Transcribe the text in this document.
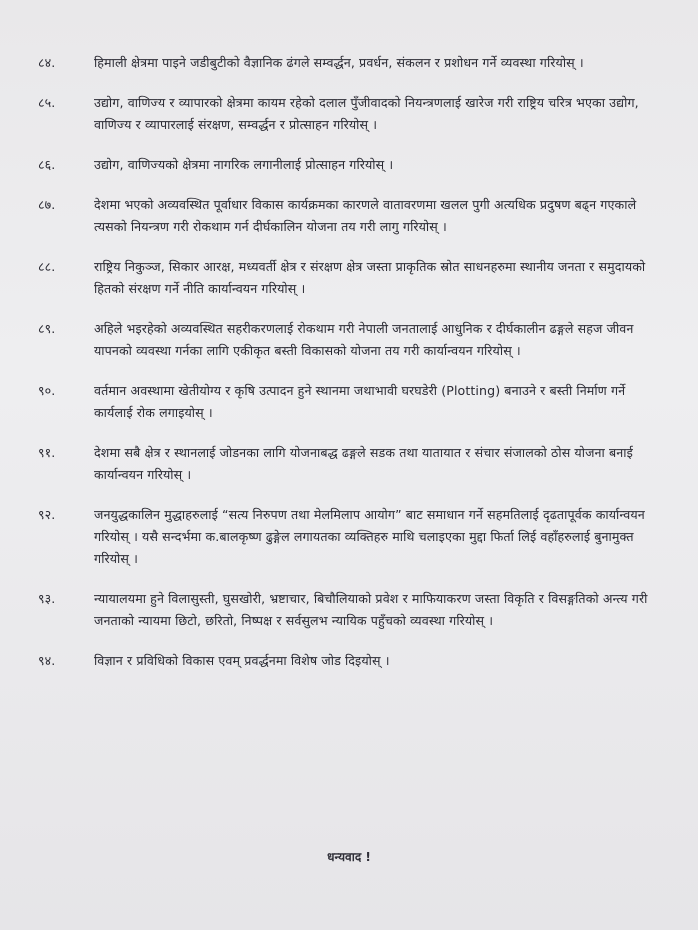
८४.	हिमाली क्षेत्रमा पाइने जडीबुटीको वैज्ञानिक ढंगले सम्वर्द्धन, प्रवर्धन, संकलन र प्रशोधन गर्ने व्यवस्था गरियोस् ।
८५.	उद्योग, वाणिज्य र व्यापारको क्षेत्रमा कायम रहेको दलाल पुँजीवादको नियन्त्रणलाई खारेज गरी राष्ट्रिय चरित्र भएका उद्योग, वाणिज्य र व्यापारलाई संरक्षण, सम्वर्द्धन र प्रोत्साहन गरियोस् ।
८६.	उद्योग, वाणिज्यको क्षेत्रमा नागरिक लगानीलाई प्रोत्साहन गरियोस् ।
८७.	देशमा भएको अव्यवस्थित पूर्वाधार विकास कार्यक्रमका कारणले वातावरणमा खलल पुगी अत्यधिक प्रदुषण बढ्न गएकाले त्यसको नियन्त्रण गरी रोकथाम गर्न दीर्घकालिन योजना तय गरी लागु गरियोस् ।
८८.	राष्ट्रिय निकुञ्ज, सिकार आरक्ष, मध्यवर्ती क्षेत्र र संरक्षण क्षेत्र जस्ता प्राकृतिक स्रोत साधनहरुमा स्थानीय जनता र समुदायको हितको संरक्षण गर्ने नीति कार्यान्वयन गरियोस् ।
८९.	अहिले भइरहेको अव्यवस्थित सहरीकरणलाई रोकथाम गरी नेपाली जनतालाई आधुनिक र दीर्घकालीन ढङ्गले सहज जीवन यापनको व्यवस्था गर्नका लागि एकीकृत बस्ती विकासको योजना तय गरी कार्यान्वयन गरियोस् ।
९०.	वर्तमान अवस्थामा खेतीयोग्य र कृषि उत्पादन हुने स्थानमा जथाभावी घरघडेरी (Plotting) बनाउने र बस्ती निर्माण गर्ने कार्यलाई रोक लगाइयोस् ।
९१.	देशमा सबै क्षेत्र र स्थानलाई जोडनका लागि योजनाबद्ध ढङ्गले सडक तथा यातायात र संचार संजालको ठोस योजना बनाई कार्यान्वयन गरियोस् ।
९२.	जनयुद्धकालिन मुद्धाहरुलाई “सत्य निरुपण तथा मेलमिलाप आयोग” बाट समाधान गर्ने सहमतिलाई दृढतापूर्वक कार्यान्वयन गरियोस् । यसै सन्दर्भमा क.बालकृष्ण ढुङ्गेल लगायतका व्यक्तिहरु माथि चलाइएका मुद्दा फिर्ता लिई वहाँहरुलाई बुनामुक्त गरियोस् ।
९३.	न्यायालयमा हुने विलासुस्ती, घुसखोरी, भ्रष्टाचार, बिचौलियाको प्रवेश र माफियाकरण जस्ता विकृति र विसङ्गतिको अन्त्य गरी जनताको न्यायमा छिटो, छरितो, निष्पक्ष र सर्वसुलभ न्यायिक पहुँचको व्यवस्था गरियोस् ।
९४.	विज्ञान र प्रविधिको विकास एवम् प्रवर्द्धनमा विशेष जोड दिइयोस् ।
धन्यवाद !
